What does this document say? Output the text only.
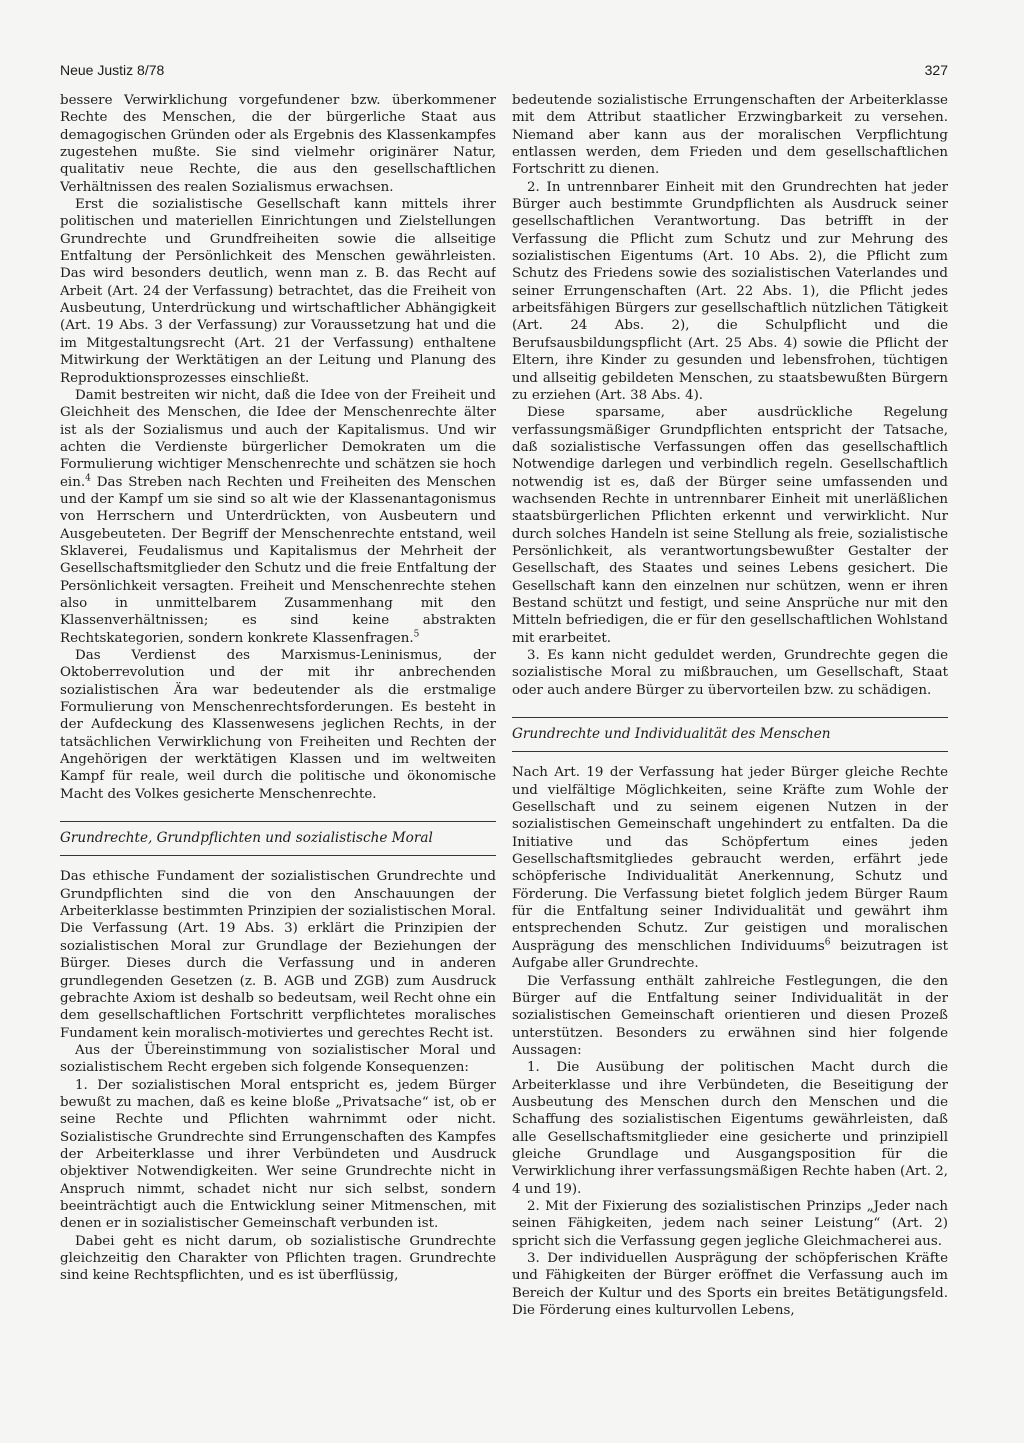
Neue Justiz 8/78	327

bessere Verwirklichung vorgefundener bzw. überkommener Rechte des Menschen, die der bürgerliche Staat aus demagogischen Gründen oder als Ergebnis des Klassenkampfes zugestehen mußte. Sie sind vielmehr originärer Natur, qualitativ neue Rechte, die aus den gesellschaftlichen Verhältnissen des realen Sozialismus erwachsen.

Erst die sozialistische Gesellschaft kann mittels ihrer politischen und materiellen Einrichtungen und Zielstellungen Grundrechte und Grundfreiheiten sowie die allseitige Entfaltung der Persönlichkeit des Menschen gewährleisten. Das wird besonders deutlich, wenn man z. B. das Recht auf Arbeit (Art. 24 der Verfassung) betrachtet, das die Freiheit von Ausbeutung, Unterdrückung und wirtschaftlicher Abhängigkeit (Art. 19 Abs. 3 der Verfassung) zur Voraussetzung hat und die im Mitgestaltungsrecht (Art. 21 der Verfassung) enthaltene Mitwirkung der Werktätigen an der Leitung und Planung des Reproduktionsprozesses einschließt.

Damit bestreiten wir nicht, daß die Idee von der Freiheit und Gleichheit des Menschen, die Idee der Menschenrechte älter ist als der Sozialismus und auch der Kapitalismus. Und wir achten die Verdienste bürgerlicher Demokraten um die Formulierung wichtiger Menschenrechte und schätzen sie hoch ein.$^4$ Das Streben nach Rechten und Freiheiten des Menschen und der Kampf um sie sind so alt wie der Klassenantagonismus von Herrschern und Unterdrückten, von Ausbeutern und Ausgebeuteten. Der Begriff der Menschenrechte entstand, weil Sklaverei, Feudalismus und Kapitalismus der Mehrheit der Gesellschaftsmitglieder den Schutz und die freie Entfaltung der Persönlichkeit versagten. Freiheit und Menschenrechte stehen also in unmittelbarem Zusammenhang mit den Klassenverhältnissen; es sind keine abstrakten Rechtskategorien, sondern konkrete Klassenfragen.$^5$

Das Verdienst des Marxismus-Leninismus, der Oktoberrevolution und der mit ihr anbrechenden sozialistischen Ära war bedeutender als die erstmalige Formulierung von Menschenrechtsforderungen. Es besteht in der Aufdeckung des Klassenwesens jeglichen Rechts, in der tatsächlichen Verwirklichung von Freiheiten und Rechten der Angehörigen der werktätigen Klassen und im weltweiten Kampf für reale, weil durch die politische und ökonomische Macht des Volkes gesicherte Menschenrechte.

Grundrechte, Grundpflichten und sozialistische Moral

Das ethische Fundament der sozialistischen Grundrechte und Grundpflichten sind die von den Anschauungen der Arbeiterklasse bestimmten Prinzipien der sozialistischen Moral. Die Verfassung (Art. 19 Abs. 3) erklärt die Prinzipien der sozialistischen Moral zur Grundlage der Beziehungen der Bürger. Dieses durch die Verfassung und in anderen grundlegenden Gesetzen (z. B. AGB und ZGB) zum Ausdruck gebrachte Axiom ist deshalb so bedeutsam, weil Recht ohne ein dem gesellschaftlichen Fortschritt verpflichtetes moralisches Fundament kein moralisch-motiviertes und gerechtes Recht ist.

Aus der Übereinstimmung von sozialistischer Moral und sozialistischem Recht ergeben sich folgende Konsequenzen:

1. Der sozialistischen Moral entspricht es, jedem Bürger bewußt zu machen, daß es keine bloße „Privatsache“ ist, ob er seine Rechte und Pflichten wahrnimmt oder nicht. Sozialistische Grundrechte sind Errungenschaften des Kampfes der Arbeiterklasse und ihrer Verbündeten und Ausdruck objektiver Notwendigkeiten. Wer seine Grundrechte nicht in Anspruch nimmt, schadet nicht nur sich selbst, sondern beeinträchtigt auch die Entwicklung seiner Mitmenschen, mit denen er in sozialistischer Gemeinschaft verbunden ist.

Dabei geht es nicht darum, ob sozialistische Grundrechte gleichzeitig den Charakter von Pflichten tragen. Grundrechte sind keine Rechtspflichten, und es ist überflüssig,

bedeutende sozialistische Errungenschaften der Arbeiterklasse mit dem Attribut staatlicher Erzwingbarkeit zu versehen. Niemand aber kann aus der moralischen Verpflichtung entlassen werden, dem Frieden und dem gesellschaftlichen Fortschritt zu dienen.

2. In untrennbarer Einheit mit den Grundrechten hat jeder Bürger auch bestimmte Grundpflichten als Ausdruck seiner gesellschaftlichen Verantwortung. Das betrifft in der Verfassung die Pflicht zum Schutz und zur Mehrung des sozialistischen Eigentums (Art. 10 Abs. 2), die Pflicht zum Schutz des Friedens sowie des sozialistischen Vaterlandes und seiner Errungenschaften (Art. 22 Abs. 1), die Pflicht jedes arbeitsfähigen Bürgers zur gesellschaftlich nützlichen Tätigkeit (Art. 24 Abs. 2), die Schulpflicht und die Berufsausbildungspflicht (Art. 25 Abs. 4) sowie die Pflicht der Eltern, ihre Kinder zu gesunden und lebensfrohen, tüchtigen und allseitig gebildeten Menschen, zu staatsbewußten Bürgern zu erziehen (Art. 38 Abs. 4).

Diese sparsame, aber ausdrückliche Regelung verfassungsmäßiger Grundpflichten entspricht der Tatsache, daß sozialistische Verfassungen offen das gesellschaftlich Notwendige darlegen und verbindlich regeln. Gesellschaftlich notwendig ist es, daß der Bürger seine umfassenden und wachsenden Rechte in untrennbarer Einheit mit unerläßlichen staatsbürgerlichen Pflichten erkennt und verwirklicht. Nur durch solches Handeln ist seine Stellung als freie, sozialistische Persönlichkeit, als verantwortungsbewußter Gestalter der Gesellschaft, des Staates und seines Lebens gesichert. Die Gesellschaft kann den einzelnen nur schützen, wenn er ihren Bestand schützt und festigt, und seine Ansprüche nur mit den Mitteln befriedigen, die er für den gesellschaftlichen Wohlstand mit erarbeitet.

3. Es kann nicht geduldet werden, Grundrechte gegen die sozialistische Moral zu mißbrauchen, um Gesellschaft, Staat oder auch andere Bürger zu übervorteilen bzw. zu schädigen.

Grundrechte und Individualität des Menschen

Nach Art. 19 der Verfassung hat jeder Bürger gleiche Rechte und vielfältige Möglichkeiten, seine Kräfte zum Wohle der Gesellschaft und zu seinem eigenen Nutzen in der sozialistischen Gemeinschaft ungehindert zu entfalten. Da die Initiative und das Schöpfertum eines jeden Gesellschaftsmitgliedes gebraucht werden, erfährt jede schöpferische Individualität Anerkennung, Schutz und Förderung. Die Verfassung bietet folglich jedem Bürger Raum für die Entfaltung seiner Individualität und gewährt ihm entsprechenden Schutz. Zur geistigen und moralischen Ausprägung des menschlichen Individuums$^6$ beizutragen ist Aufgabe aller Grundrechte.

Die Verfassung enthält zahlreiche Festlegungen, die den Bürger auf die Entfaltung seiner Individualität in der sozialistischen Gemeinschaft orientieren und diesen Prozeß unterstützen. Besonders zu erwähnen sind hier folgende Aussagen:

1. Die Ausübung der politischen Macht durch die Arbeiterklasse und ihre Verbündeten, die Beseitigung der Ausbeutung des Menschen durch den Menschen und die Schaffung des sozialistischen Eigentums gewährleisten, daß alle Gesellschaftsmitglieder eine gesicherte und prinzipiell gleiche Grundlage und Ausgangsposition für die Verwirklichung ihrer verfassungsmäßigen Rechte haben (Art. 2, 4 und 19).

2. Mit der Fixierung des sozialistischen Prinzips „Jeder nach seinen Fähigkeiten, jedem nach seiner Leistung“ (Art. 2) spricht sich die Verfassung gegen jegliche Gleichmacherei aus.

3. Der individuellen Ausprägung der schöpferischen Kräfte und Fähigkeiten der Bürger eröffnet die Verfassung auch im Bereich der Kultur und des Sports ein breites Betätigungsfeld. Die Förderung eines kulturvollen Lebens,
